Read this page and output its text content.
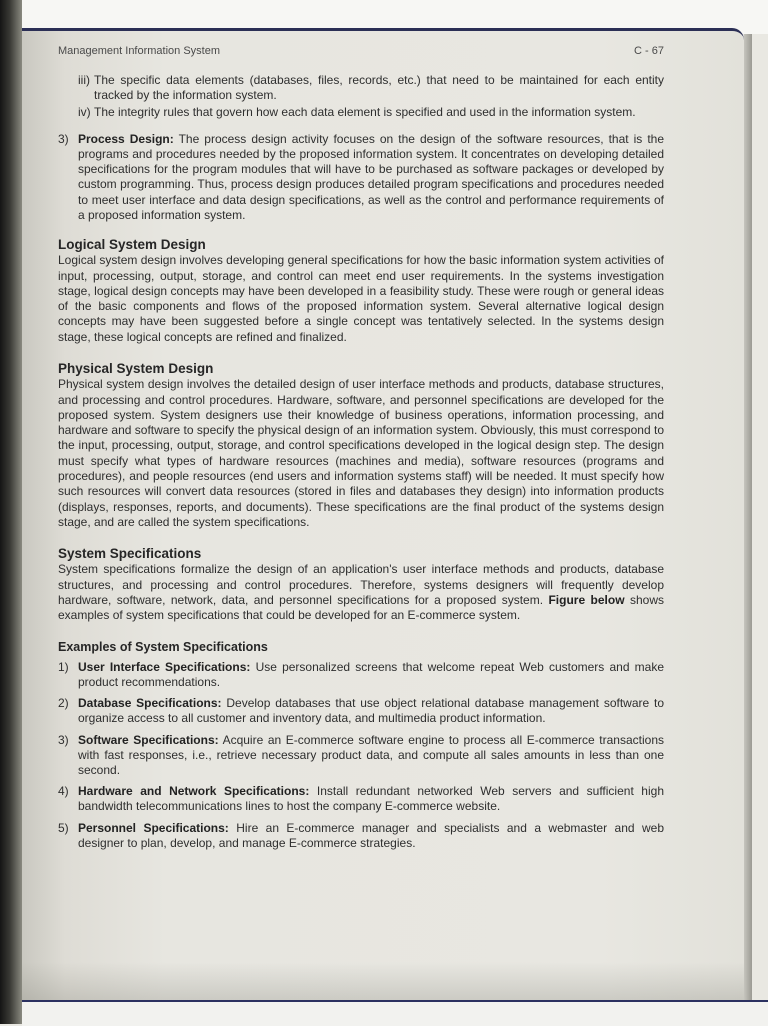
Management Information System	C - 67
iii) The specific data elements (databases, files, records, etc.) that need to be maintained for each entity tracked by the information system.
iv) The integrity rules that govern how each data element is specified and used in the information system.
3) Process Design: The process design activity focuses on the design of the software resources, that is the programs and procedures needed by the proposed information system. It concentrates on developing detailed specifications for the program modules that will have to be purchased as software packages or developed by custom programming. Thus, process design produces detailed program specifications and procedures needed to meet user interface and data design specifications, as well as the control and performance requirements of a proposed information system.
Logical System Design

Logical system design involves developing general specifications for how the basic information system activities of input, processing, output, storage, and control can meet end user requirements. In the systems investigation stage, logical design concepts may have been developed in a feasibility study. These were rough or general ideas of the basic components and flows of the proposed information system. Several alternative logical design concepts may have been suggested before a single concept was tentatively selected. In the systems design stage, these logical concepts are refined and finalized.

Physical System Design

Physical system design involves the detailed design of user interface methods and products, database structures, and processing and control procedures. Hardware, software, and personnel specifications are developed for the proposed system. System designers use their knowledge of business operations, information processing, and hardware and software to specify the physical design of an information system. Obviously, this must correspond to the input, processing, output, storage, and control specifications developed in the logical design step. The design must specify what types of hardware resources (machines and media), software resources (programs and procedures), and people resources (end users and information systems staff) will be needed. It must specify how such resources will convert data resources (stored in files and databases they design) into information products (displays, responses, reports, and documents). These specifications are the final product of the systems design stage, and are called the system specifications.

System Specifications

System specifications formalize the design of an application's user interface methods and products, database structures, and processing and control procedures. Therefore, systems designers will frequently develop hardware, software, network, data, and personnel specifications for a proposed system. Figure below shows examples of system specifications that could be developed for an E-commerce system.

Examples of System Specifications
1) User Interface Specifications: Use personalized screens that welcome repeat Web customers and make product recommendations.
2) Database Specifications: Develop databases that use object relational database management software to organize access to all customer and inventory data, and multimedia product information.
3) Software Specifications: Acquire an E-commerce software engine to process all E-commerce transactions with fast responses, i.e., retrieve necessary product data, and compute all sales amounts in less than one second.
4) Hardware and Network Specifications: Install redundant networked Web servers and sufficient high bandwidth telecommunications lines to host the company E-commerce website.
5) Personnel Specifications: Hire an E-commerce manager and specialists and a webmaster and web designer to plan, develop, and manage E-commerce strategies.
